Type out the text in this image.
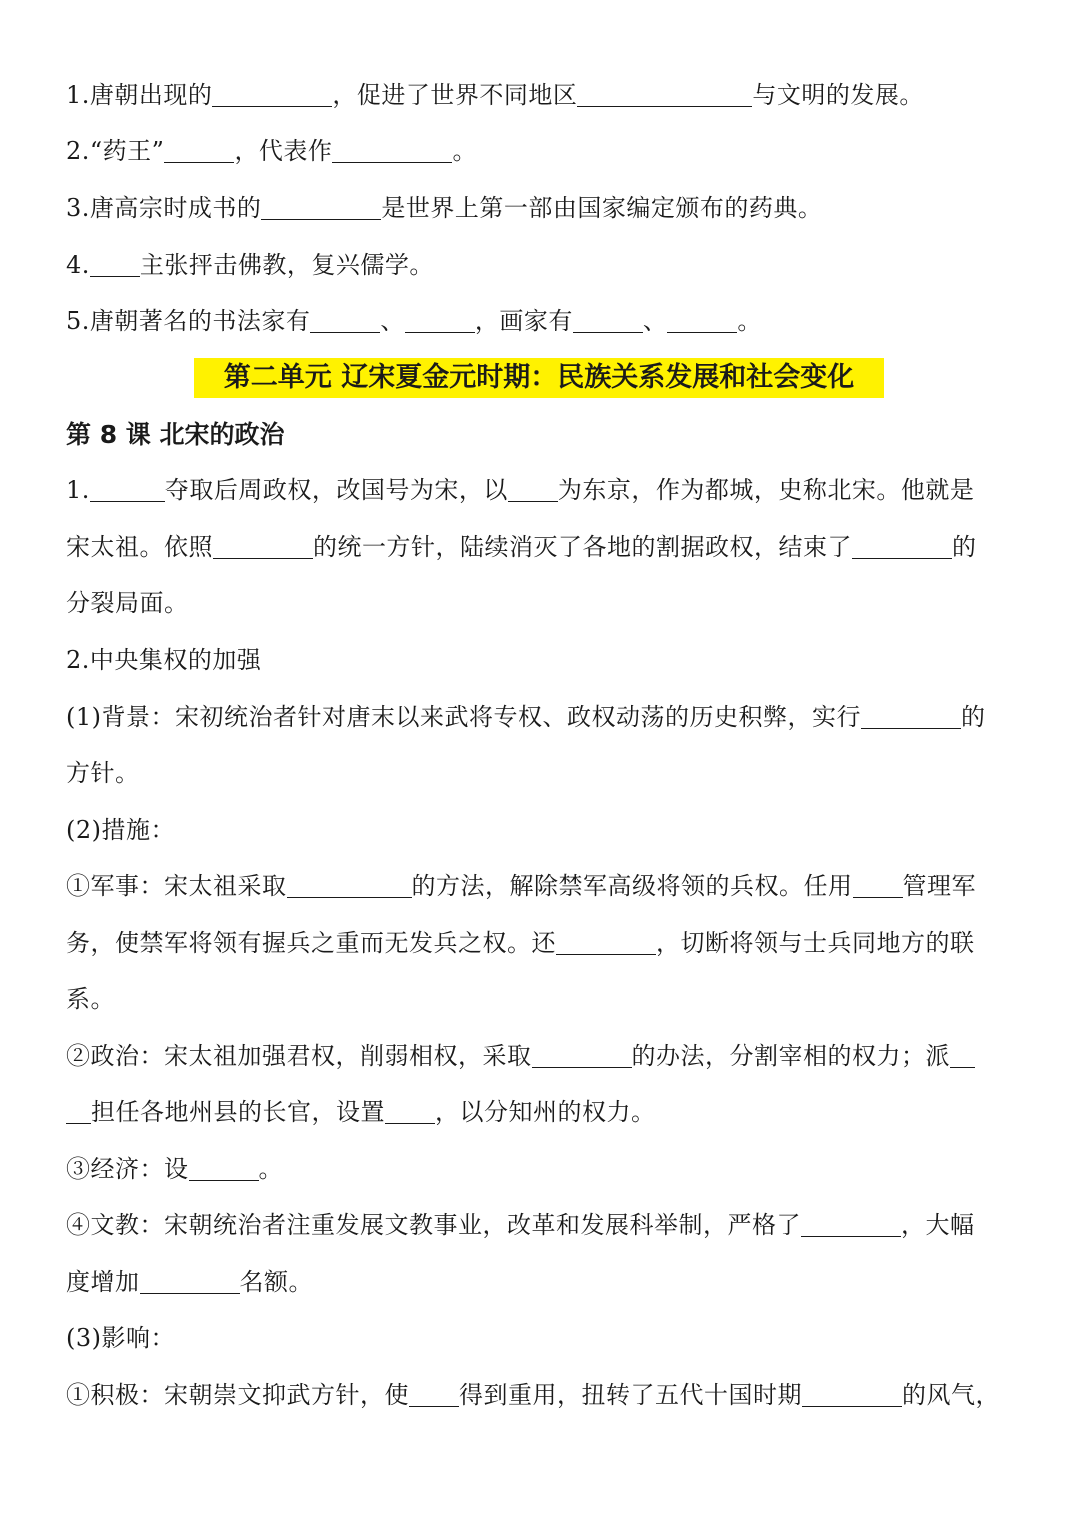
1.唐朝出现的	，促进了世界不同地区	与文明的发展。
2.“药王”	，代表作	。
3.唐高宗时成书的	是世界上第一部由国家编定颁布的药典。
4. 主张抨击佛教，复兴儒学。
5.唐朝著名的书法家有	、	，画家有	、	。
1.	夺取后周政权，改国号为宋，以 为东京，作为都城，史称北宋。他就是
宋太祖。依照	的统一方针，陆续消灭了各地的割据政权，结束了	的
分裂局面。
2.中央集权的加强
(1)背景：宋初统治者针对唐末以来武将专权、政权动荡的历史积弊，实行	的
方针。
(2)措施：
①军事：宋太祖采取	的方法，解除禁军高级将领的兵权。任用 管理军
务，使禁军将领有握兵之重而无发兵之权。还	，切断将领与士兵同地方的联
系。
②政治：宋太祖加强君权，削弱相权，采取	的办法，分割宰相的权力；派
担任各地州县的长官，设置 ，以分知州的权力。
③经济：设	。
④文教：宋朝统治者注重发展文教事业，改革和发展科举制，严格了	，大幅
度增加	名额。
(3)影响：
①积极：宋朝崇文抑武方针，使 得到重用，扭转了五代十国时期	的风气，
第二单元 辽宋夏金元时期：民族关系发展和社会变化
第 8 课 北宋的政治
